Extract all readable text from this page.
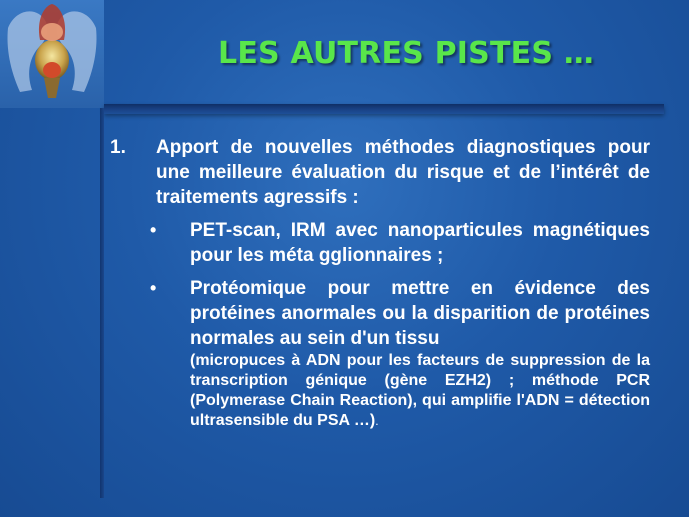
LES AUTRES PISTES …
1.	Apport de nouvelles méthodes diagnostiques pour une meilleure évaluation du risque et de l’intérêt de traitements agressifs :
•	PET-scan, IRM avec nanoparticules magnétiques pour les méta gglionnaires ;
•	Protéomique pour mettre en évidence des protéines anormales ou la disparition de protéines normales au sein d'un tissu
(micropuces à ADN pour les facteurs de suppression de la transcription génique (gène EZH2) ; méthode PCR (Polymerase Chain Reaction), qui amplifie l'ADN = détection ultrasensible du PSA …).
